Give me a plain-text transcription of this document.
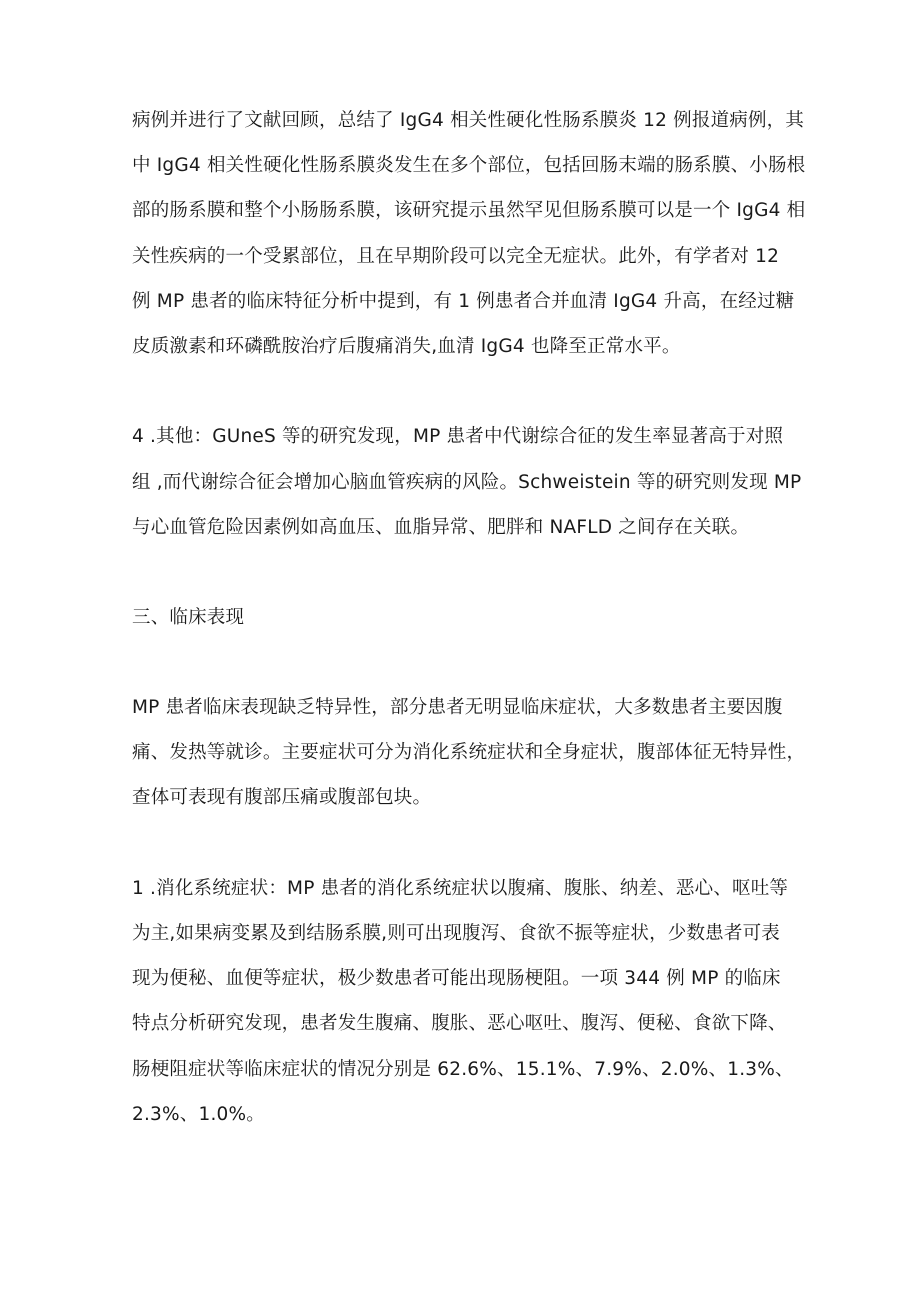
病例并进行了文献回顾，总结了 IgG4 相关性硬化性肠系膜炎 12 例报道病例，其
中 IgG4 相关性硬化性肠系膜炎发生在多个部位，包括回肠末端的肠系膜、小肠根
部的肠系膜和整个小肠肠系膜，该研究提示虽然罕见但肠系膜可以是一个 IgG4 相
关性疾病的一个受累部位，且在早期阶段可以完全无症状。此外，有学者对 12
例 MP 患者的临床特征分析中提到，有 1 例患者合并血清 IgG4 升高，在经过糖
皮质激素和环磷酰胺治疗后腹痛消失,血清 IgG4 也降至正常水平。
4 .其他：GUneS 等的研究发现，MP 患者中代谢综合征的发生率显著高于对照
组 ,而代谢综合征会增加心脑血管疾病的风险。Schweistein 等的研究则发现 MP
与心血管危险因素例如高血压、血脂异常、肥胖和 NAFLD 之间存在关联。
三、临床表现
MP 患者临床表现缺乏特异性，部分患者无明显临床症状，大多数患者主要因腹
痛、发热等就诊。主要症状可分为消化系统症状和全身症状，腹部体征无特异性，
查体可表现有腹部压痛或腹部包块。
1 .消化系统症状：MP 患者的消化系统症状以腹痛、腹胀、纳差、恶心、呕吐等
为主,如果病变累及到结肠系膜,则可出现腹泻、食欲不振等症状，少数患者可表
现为便秘、血便等症状，极少数患者可能出现肠梗阻。一项 344 例 MP 的临床
特点分析研究发现，患者发生腹痛、腹胀、恶心呕吐、腹泻、便秘、食欲下降、
肠梗阻症状等临床症状的情况分别是 62.6%、15.1%、7.9%、2.0%、1.3%、
2.3%、1.0%。
